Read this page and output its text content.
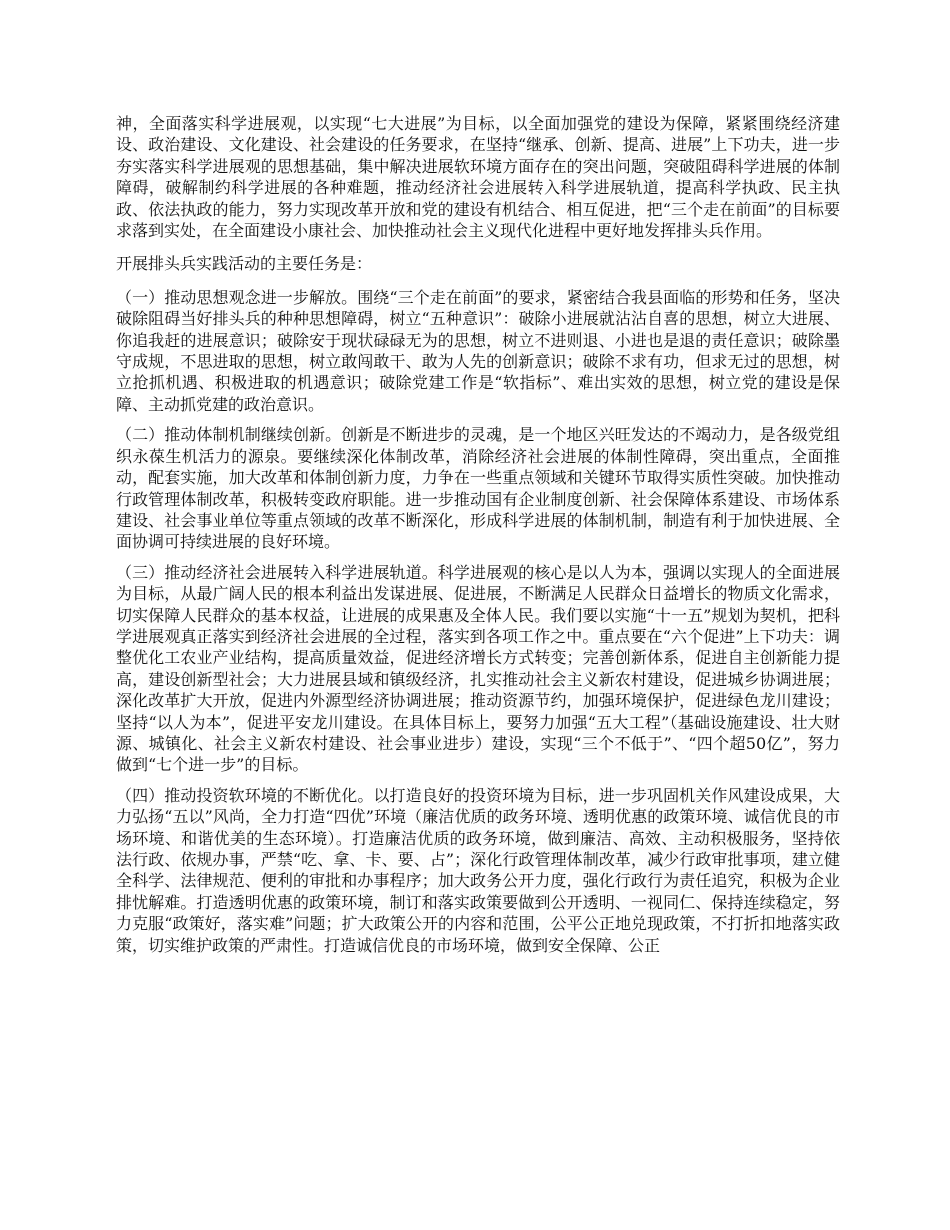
神，全面落实科学进展观，以实现“七大进展”为目标，以全面加强党的建设为保障，紧紧围绕经济建设、政治建设、文化建设、社会建设的任务要求，在坚持“继承、创新、提高、进展”上下功夫，进一步夯实落实科学进展观的思想基础，集中解决进展软环境方面存在的突出问题，突破阻碍科学进展的体制障碍，破解制约科学进展的各种难题，推动经济社会进展转入科学进展轨道，提高科学执政、民主执政、依法执政的能力，努力实现改革开放和党的建设有机结合、相互促进，把“三个走在前面”的目标要求落到实处，在全面建设小康社会、加快推动社会主义现代化进程中更好地发挥排头兵作用。

开展排头兵实践活动的主要任务是：

（一）推动思想观念进一步解放。围绕“三个走在前面”的要求，紧密结合我县面临的形势和任务，坚决破除阻碍当好排头兵的种种思想障碍，树立“五种意识”：破除小进展就沾沾自喜的思想，树立大进展、你追我赶的进展意识；破除安于现状碌碌无为的思想，树立不进则退、小进也是退的责任意识；破除墨守成规，不思进取的思想，树立敢闯敢干、敢为人先的创新意识；破除不求有功，但求无过的思想，树立抢抓机遇、积极进取的机遇意识；破除党建工作是“软指标”、难出实效的思想，树立党的建设是保障、主动抓党建的政治意识。

（二）推动体制机制继续创新。创新是不断进步的灵魂，是一个地区兴旺发达的不竭动力，是各级党组织永葆生机活力的源泉。要继续深化体制改革，消除经济社会进展的体制性障碍，突出重点，全面推动，配套实施，加大改革和体制创新力度，力争在一些重点领域和关键环节取得实质性突破。加快推动行政管理体制改革，积极转变政府职能。进一步推动国有企业制度创新、社会保障体系建设、市场体系建设、社会事业单位等重点领域的改革不断深化，形成科学进展的体制机制，制造有利于加快进展、全面协调可持续进展的良好环境。

（三）推动经济社会进展转入科学进展轨道。科学进展观的核心是以人为本，强调以实现人的全面进展为目标，从最广阔人民的根本利益出发谋进展、促进展，不断满足人民群众日益增长的物质文化需求，切实保障人民群众的基本权益，让进展的成果惠及全体人民。我们要以实施“十一五”规划为契机，把科学进展观真正落实到经济社会进展的全过程，落实到各项工作之中。重点要在“六个促进”上下功夫：调整优化工农业产业结构，提高质量效益，促进经济增长方式转变；完善创新体系，促进自主创新能力提高，建设创新型社会；大力进展县域和镇级经济，扎实推动社会主义新农村建设，促进城乡协调进展；深化改革扩大开放，促进内外源型经济协调进展；推动资源节约，加强环境保护，促进绿色龙川建设；坚持“以人为本”，促进平安龙川建设。在具体目标上，要努力加强“五大工程”（基础设施建设、壮大财源、城镇化、社会主义新农村建设、社会事业进步）建设，实现“三个不低于”、“四个超50亿”，努力做到“七个进一步”的目标。

（四）推动投资软环境的不断优化。以打造良好的投资环境为目标，进一步巩固机关作风建设成果，大力弘扬“五以”风尚，全力打造“四优”环境（廉洁优质的政务环境、透明优惠的政策环境、诚信优良的市场环境、和谐优美的生态环境）。打造廉洁优质的政务环境，做到廉洁、高效、主动积极服务，坚持依法行政、依规办事，严禁“吃、拿、卡、要、占”；深化行政管理体制改革，减少行政审批事项，建立健全科学、法律规范、便利的审批和办事程序；加大政务公开力度，强化行政行为责任追究，积极为企业排忧解难。打造透明优惠的政策环境，制订和落实政策要做到公开透明、一视同仁、保持连续稳定，努力克服“政策好，落实难”问题；扩大政策公开的内容和范围，公平公正地兑现政策，不打折扣地落实政策，切实维护政策的严肃性。打造诚信优良的市场环境，做到安全保障、公正
